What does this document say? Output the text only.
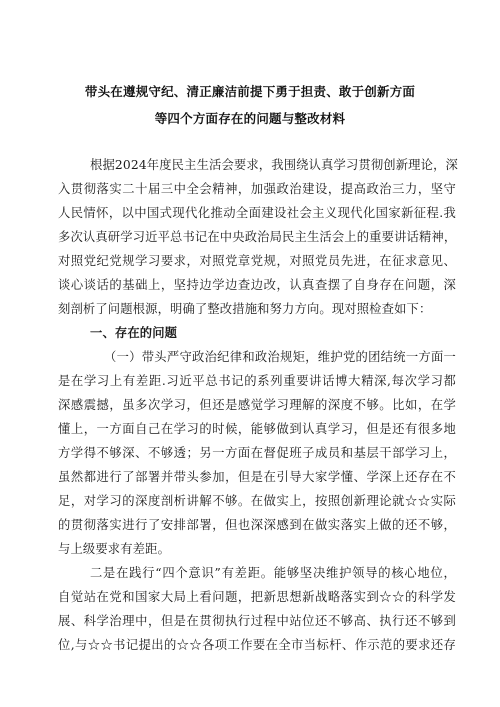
带头在遵规守纪、清正廉洁前提下勇于担责、敢于创新方面
等四个方面存在的问题与整改材料
根据2024年度民主生活会要求，我围绕认真学习贯彻创新理论，深
入贯彻落实二十届三中全会精神，加强政治建设，提高政治三力，坚守
人民情怀，以中国式现代化推动全面建设社会主义现代化国家新征程.我
多次认真研学习近平总书记在中央政治局民主生活会上的重要讲话精神，
对照党纪党规学习要求，对照党章党规，对照党员先进，在征求意见、
谈心谈话的基础上，坚持边学边查边改，认真查摆了自身存在问题，深
刻剖析了问题根源，明确了整改措施和努力方向。现对照检查如下：
一、存在的问题
（一）带头严守政治纪律和政治规矩，维护党的团结统一方面一
是在学习上有差距.习近平总书记的系列重要讲话博大精深,每次学习都
深感震撼，虽多次学习，但还是感觉学习理解的深度不够。比如，在学
懂上，一方面自己在学习的时候，能够做到认真学习，但是还有很多地
方学得不够深、不够透；另一方面在督促班子成员和基层干部学习上，
虽然都进行了部署并带头参加，但是在引导大家学懂、学深上还存在不
足，对学习的深度剖析讲解不够。在做实上，按照创新理论就☆☆实际
的贯彻落实进行了安排部署，但也深深感到在做实落实上做的还不够，
与上级要求有差距。
二是在践行“四个意识”有差距。能够坚决维护领导的核心地位，
自觉站在党和国家大局上看问题，把新思想新战略落实到☆☆的科学发
展、科学治理中，但是在贯彻执行过程中站位还不够高、执行还不够到
位,与☆☆书记提出的☆☆各项工作要在全市当标杆、作示范的要求还存
